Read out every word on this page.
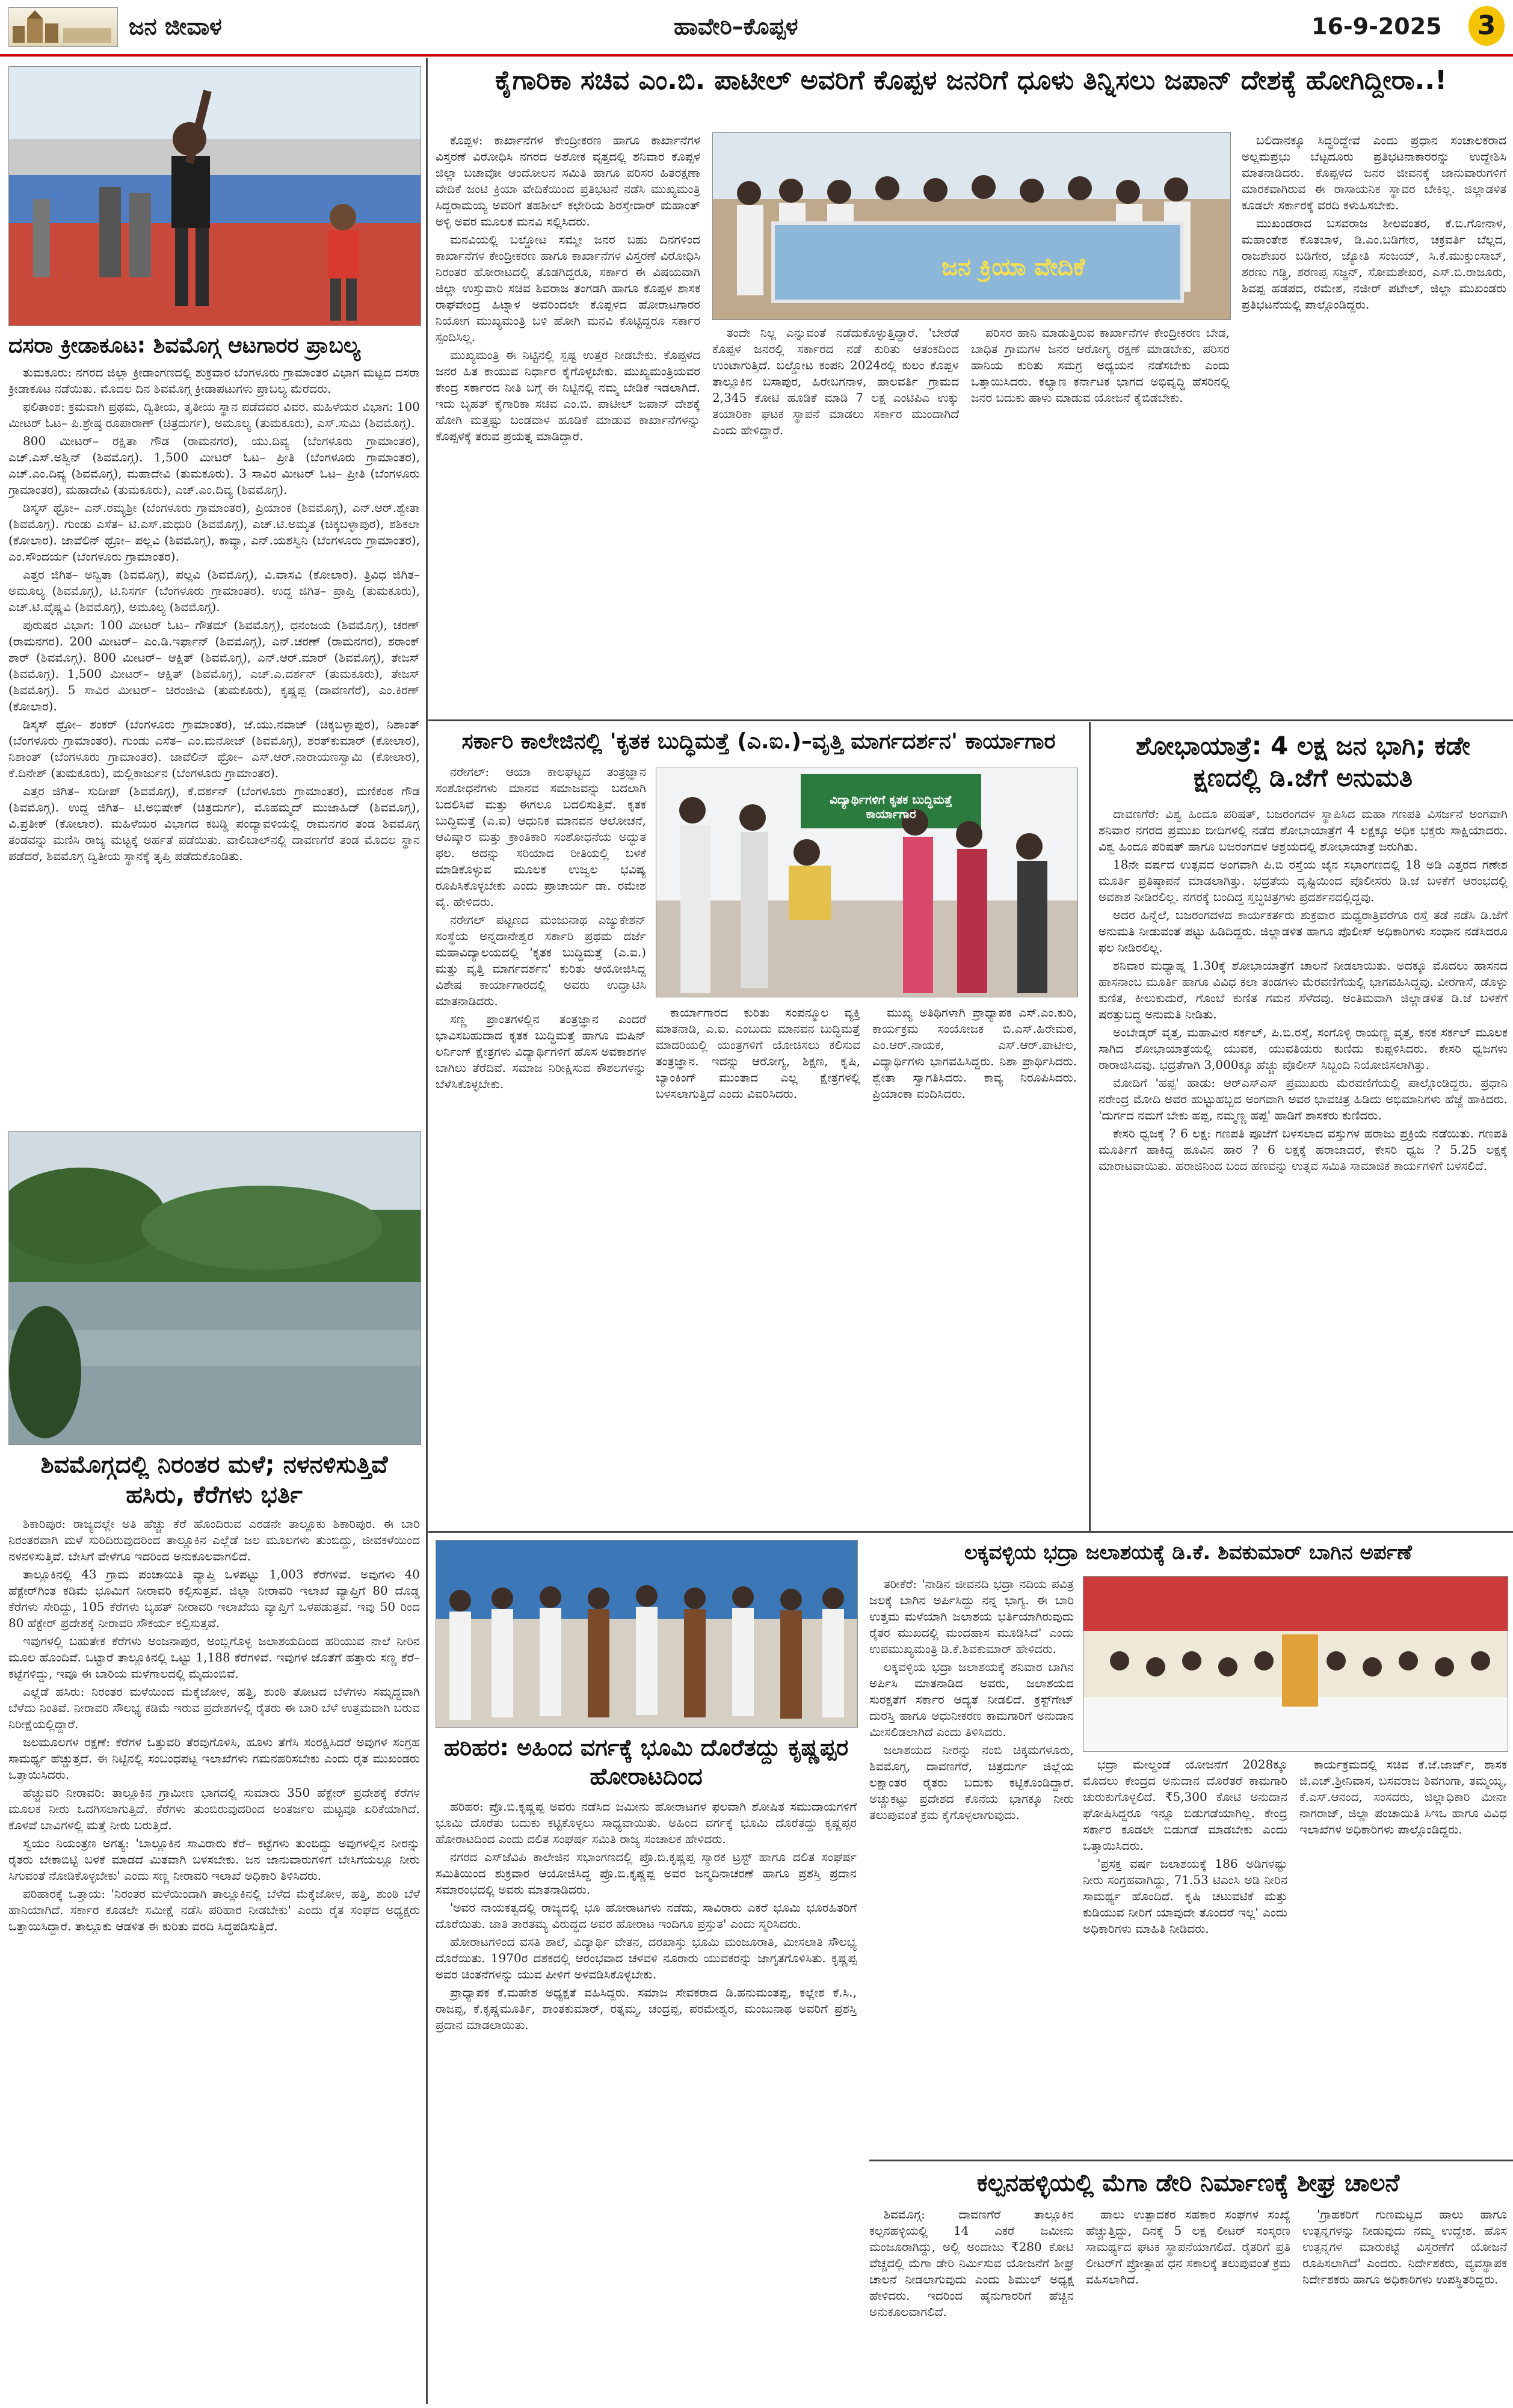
ಜನ ಜೀವಾಳ	ಹಾವೇರಿ–ಕೊಪ್ಪಳ	16-9-2025	3
ದಸರಾ ಕ್ರೀಡಾಕೂಟ: ಶಿವಮೊಗ್ಗ ಆಟಗಾರರ ಪ್ರಾಬಲ್ಯ

ತುಮಕೂರು: ನಗರದ ಜಿಲ್ಲಾ ಕ್ರೀಡಾಂಗಣದಲ್ಲಿ ಶುಕ್ರವಾರ ಬೆಂಗಳೂರು ಗ್ರಾಮಾಂತರ ವಿಭಾಗ ಮಟ್ಟದ ದಸರಾ ಕ್ರೀಡಾಕೂಟ ನಡೆಯಿತು. ಮೊದಲ ದಿನ ಶಿವಮೊಗ್ಗ ಕ್ರೀಡಾಪಟುಗಳು ಪ್ರಾಬಲ್ಯ ಮೆರೆದರು.

ಫಲಿತಾಂಶ: ಕ್ರಮವಾಗಿ ಪ್ರಥಮ, ದ್ವಿತೀಯ, ತೃತೀಯ ಸ್ಥಾನ ಪಡೆದವರ ವಿವರ. ಮಹಿಳೆಯರ ವಿಭಾಗ: 100 ಮೀಟರ್ ಓಟ– ಪಿ.ಶ್ರೇಷ್ಠ ರೂಪಾರಾಣ್ (ಚಿತ್ರದುರ್ಗ), ಅಮೂಲ್ಯ (ತುಮಕೂರು), ಎಸ್.ಸುಮಿ (ಶಿವಮೊಗ್ಗ).

800 ಮೀಟರ್– ರಕ್ಷಿತಾ ಗೌಡ (ರಾಮನಗರ), ಯು.ದಿವ್ಯ (ಬೆಂಗಳೂರು ಗ್ರಾಮಾಂತರ), ಎಚ್.ಎಸ್.ಅಶ್ವಿನ್ (ಶಿವಮೊಗ್ಗ). 1,500 ಮೀಟರ್ ಓಟ– ಪ್ರೀತಿ (ಬೆಂಗಳೂರು ಗ್ರಾಮಾಂತರ), ಎಚ್.ಎಂ.ದಿವ್ಯ (ಶಿವಮೊಗ್ಗ), ಮಹಾದೇವಿ (ತುಮಕೂರು). 3 ಸಾವಿರ ಮೀಟರ್ ಓಟ– ಪ್ರೀತಿ (ಬೆಂಗಳೂರು ಗ್ರಾಮಾಂತರ), ಮಹಾದೇವಿ (ತುಮಕೂರು), ಎಚ್.ಎಂ.ದಿವ್ಯ (ಶಿವಮೊಗ್ಗ).

ಡಿಸ್ಕಸ್ ಥ್ರೋ– ಎನ್.ರಮ್ಯಶ್ರೀ (ಬೆಂಗಳೂರು ಗ್ರಾಮಾಂತರ), ಪ್ರಿಯಾಂಕ (ಶಿವಮೊಗ್ಗ), ಎನ್.ಆರ್.ಶ್ವೇತಾ (ಶಿವಮೊಗ್ಗ). ಗುಂಡು ಎಸೆತ– ಟಿ.ಎಸ್.ಮಧುರಿ (ಶಿವಮೊಗ್ಗ), ಎಚ್.ಟಿ.ಅಮೃತ (ಚಿಕ್ಕಬಳ್ಳಾಪುರ), ಶಶಿಕಲಾ (ಕೋಲಾರ). ಜಾವೆಲಿನ್ ಥ್ರೋ– ಪಲ್ಲವಿ (ಶಿವಮೊಗ್ಗ), ಕಾವ್ಯಾ, ಎನ್.ಯಶಸ್ವಿನಿ (ಬೆಂಗಳೂರು ಗ್ರಾಮಾಂತರ), ಎಂ.ಸೌಂದರ್ಯ (ಬೆಂಗಳೂರು ಗ್ರಾಮಾಂತರ).

ಎತ್ತರ ಜಿಗಿತ– ಅನ್ವಿತಾ (ಶಿವಮೊಗ್ಗ), ಪಲ್ಲವಿ (ಶಿವಮೊಗ್ಗ), ವಿ.ವಾಸವಿ (ಕೋಲಾರ). ತ್ರಿವಿಧ ಜಿಗಿತ– ಅಮೂಲ್ಯ (ಶಿವಮೊಗ್ಗ), ಟಿ.ನಿಸರ್ಗ (ಬೆಂಗಳೂರು ಗ್ರಾಮಾಂತರ). ಉದ್ದ ಜಿಗಿತ– ಪ್ರಾಪ್ತಿ (ತುಮಕೂರು), ಎಚ್.ಟಿ.ವೈಷ್ಣವಿ (ಶಿವಮೊಗ್ಗ), ಅಮೂಲ್ಯ (ಶಿವಮೊಗ್ಗ).

ಪುರುಷರ ವಿಭಾಗ: 100 ಮೀಟರ್ ಓಟ– ಗೌತಮ್ (ಶಿವಮೊಗ್ಗ), ಧನಂಜಯ (ಶಿವಮೊಗ್ಗ), ಚರಣ್ (ರಾಮನಗರ). 200 ಮೀಟರ್– ಎಂ.ಡಿ.ಇರ್ಫಾನ್ (ಶಿವಮೊಗ್ಗ), ಎನ್.ಚರಣ್ (ರಾಮನಗರ), ಶರಾಂಕ್ ಶಾರ್ (ಶಿವಮೊಗ್ಗ). 800 ಮೀಟರ್– ಆಕ್ಷಿತ್ (ಶಿವಮೊಗ್ಗ), ಎನ್.ಆರ್.ಮಾರ್ (ಶಿವಮೊಗ್ಗ), ತೇಜಸ್ (ಶಿವಮೊಗ್ಗ). 1,500 ಮೀಟರ್– ಆಕ್ಷಿತ್ (ಶಿವಮೊಗ್ಗ), ಎಚ್.ಎ.ದರ್ಶನ್ (ತುಮಕೂರು), ತೇಜಸ್ (ಶಿವಮೊಗ್ಗ). 5 ಸಾವಿರ ಮೀಟರ್– ಚಿರಂಜೀವಿ (ತುಮಕೂರು), ಕೃಷ್ಣಪ್ಪ (ದಾವಣಗೆರೆ), ಎಂ.ಕಿರಣ್ (ಕೋಲಾರ).

ಡಿಸ್ಕಸ್ ಥ್ರೋ– ಶಂಕರ್ (ಬೆಂಗಳೂರು ಗ್ರಾಮಾಂತರ), ಜೆ.ಯು.ನವಾಜ್ (ಚಿಕ್ಕಬಳ್ಳಾಪುರ), ನಿಶಾಂತ್ (ಬೆಂಗಳೂರು ಗ್ರಾಮಾಂತರ). ಗುಂಡು ಎಸೆತ– ಎಂ.ಮನೋಜ್ (ಶಿವಮೊಗ್ಗ), ಶರತ್‌ಕುಮಾರ್ (ಕೋಲಾರ), ನಿಶಾಂತ್ (ಬೆಂಗಳೂರು ಗ್ರಾಮಾಂತರ). ಜಾವೆಲಿನ್ ಥ್ರೋ– ಎಸ್.ಆರ್.ನಾರಾಯಣಸ್ವಾಮಿ (ಕೋಲಾರ), ಕೆ.ದಿನೇಶ್ (ತುಮಕೂರು), ಮಲ್ಲಿಕಾರ್ಜುನ (ಬೆಂಗಳೂರು ಗ್ರಾಮಾಂತರ).

ಎತ್ತರ ಜಿಗಿತ– ಸುದೀಪ್ (ಶಿವಮೊಗ್ಗ), ಕೆ.ದರ್ಶನ್ (ಬೆಂಗಳೂರು ಗ್ರಾಮಾಂತರ), ಮಣಿಕಂಠ ಗೌಡ (ಶಿವಮೊಗ್ಗ). ಉದ್ದ ಜಿಗಿತ– ಟಿ.ಅಭಿಷೇಕ್ (ಚಿತ್ರದುರ್ಗ), ಮೊಹಮ್ಮದ್ ಮುಜಾಹಿದ್ (ಶಿವಮೊಗ್ಗ), ವಿ.ಪ್ರತೀಕ್ (ಕೋಲಾರ). ಮಹಿಳೆಯರ ವಿಭಾಗದ ಕಬಡ್ಡಿ ಪಂದ್ಯಾವಳಿಯಲ್ಲಿ ರಾಮನಗರ ತಂಡ ಶಿವಮೊಗ್ಗ ತಂಡವನ್ನು ಮಣಿಸಿ ರಾಜ್ಯ ಮಟ್ಟಕ್ಕೆ ಅರ್ಹತೆ ಪಡೆಯಿತು. ವಾಲಿಬಾಲ್‌ನಲ್ಲಿ ದಾವಣಗೆರೆ ತಂಡ ಮೊದಲ ಸ್ಥಾನ ಪಡೆದರೆ, ಶಿವಮೊಗ್ಗ ದ್ವಿತೀಯ ಸ್ಥಾನಕ್ಕೆ ತೃಪ್ತಿ ಪಡೆದುಕೊಂಡಿತು.

ಶಿವಮೊಗ್ಗದಲ್ಲಿ ನಿರಂತರ ಮಳೆ; ನಳನಳಿಸುತ್ತಿವೆ ಹಸಿರು, ಕೆರೆಗಳು ಭರ್ತಿ

ಶಿಕಾರಿಪುರ: ರಾಜ್ಯದಲ್ಲೇ ಅತಿ ಹೆಚ್ಚು ಕೆರೆ ಹೊಂದಿರುವ ಎರಡನೇ ತಾಲ್ಲೂಕು ಶಿಕಾರಿಪುರ. ಈ ಬಾರಿ ನಿರಂತರವಾಗಿ ಮಳೆ ಸುರಿದಿರುವುದರಿಂದ ತಾಲ್ಲೂಕಿನ ಎಲ್ಲೆಡೆ ಜಲ ಮೂಲಗಳು ತುಂಬಿದ್ದು, ಜೀವಕಳೆಯಿಂದ ನಳನಳಿಸುತ್ತಿವೆ. ಬೇಸಿಗೆ ವೇಳೆಗೂ ಇದರಿಂದ ಅನುಕೂಲವಾಗಲಿದೆ.

ತಾಲ್ಲೂಕಿನಲ್ಲಿ 43 ಗ್ರಾಮ ಪಂಚಾಯಿತಿ ವ್ಯಾಪ್ತಿ ಒಳಪಟ್ಟು 1,003 ಕೆರೆಗಳಿವೆ. ಅವುಗಳು 40 ಹೆಕ್ಟೇರ್‌ಗಿಂತ ಕಡಿಮೆ ಭೂಮಿಗೆ ನೀರಾವರಿ ಕಲ್ಪಿಸುತ್ತವೆ. ಜಿಲ್ಲಾ ನೀರಾವರಿ ಇಲಾಖೆ ವ್ಯಾಪ್ತಿಗೆ 80 ದೊಡ್ಡ ಕೆರೆಗಳು ಸೇರಿದ್ದು, 105 ಕೆರೆಗಳು ಬೃಹತ್ ನೀರಾವರಿ ಇಲಾಖೆಯ ವ್ಯಾಪ್ತಿಗೆ ಒಳಪಡುತ್ತವೆ. ಇವು 50 ರಿಂದ 80 ಹೆಕ್ಟೇರ್ ಪ್ರದೇಶಕ್ಕೆ ನೀರಾವರಿ ಸೌಕರ್ಯ ಕಲ್ಪಿಸುತ್ತವೆ.

ಇವುಗಳಲ್ಲಿ ಬಹುತೇಕ ಕೆರೆಗಳು ಅಂಜನಾಪುರ, ಅಂಬ್ಲಿಗೊಳ್ಳ ಜಲಾಶಯದಿಂದ ಹರಿಯುವ ನಾಲೆ ನೀರಿನ ಮೂಲ ಹೊಂದಿವೆ. ಒಟ್ಟಾರೆ ತಾಲ್ಲೂಕಿನಲ್ಲಿ ಒಟ್ಟು 1,188 ಕೆರೆಗಳಿವೆ. ಇವುಗಳ ಜೊತೆಗೆ ಹತ್ತಾರು ಸಣ್ಣ ಕೆರೆ– ಕಟ್ಟೆಗಳಿದ್ದು, ಇವೂ ಈ ಬಾರಿಯ ಮಳೆಗಾಲದಲ್ಲಿ ಮೈದುಂಬಿವೆ.

ಎಲ್ಲೆಡೆ ಹಸಿರು: ನಿರಂತರ ಮಳೆಯಿಂದ ಮೆಕ್ಕೆಜೋಳ, ಹತ್ತಿ, ಶುಂಠಿ ತೋಟದ ಬೆಳೆಗಳು ಸಮೃದ್ಧವಾಗಿ ಬೆಳೆದು ನಿಂತಿವೆ. ನೀರಾವರಿ ಸೌಲಭ್ಯ ಕಡಿಮೆ ಇರುವ ಪ್ರದೇಶಗಳಲ್ಲಿ ರೈತರು ಈ ಬಾರಿ ಬೆಳೆ ಉತ್ತಮವಾಗಿ ಬರುವ ನಿರೀಕ್ಷೆಯಲ್ಲಿದ್ದಾರೆ.

ಜಲಮೂಲಗಳ ರಕ್ಷಣೆ: ಕೆರೆಗಳ ಒತ್ತುವರಿ ತೆರವುಗೊಳಿಸಿ, ಹೂಳು ತೆಗೆಸಿ ಸಂರಕ್ಷಿಸಿದರೆ ಅವುಗಳ ಸಂಗ್ರಹ ಸಾಮರ್ಥ್ಯ ಹೆಚ್ಚುತ್ತದೆ. ಈ ನಿಟ್ಟಿನಲ್ಲಿ ಸಂಬಂಧಪಟ್ಟ ಇಲಾಖೆಗಳು ಗಮನಹರಿಸಬೇಕು ಎಂದು ರೈತ ಮುಖಂಡರು ಒತ್ತಾಯಿಸಿದರು.

ಹೆಚ್ಚುವರಿ ನೀರಾವರಿ: ತಾಲ್ಲೂಕಿನ ಗ್ರಾಮೀಣ ಭಾಗದಲ್ಲಿ ಸುಮಾರು 350 ಹೆಕ್ಟೇರ್ ಪ್ರದೇಶಕ್ಕೆ ಕೆರೆಗಳ ಮೂಲಕ ನೀರು ಒದಗಿಸಲಾಗುತ್ತಿದೆ. ಕೆರೆಗಳು ತುಂಬಿರುವುದರಿಂದ ಅಂತರ್ಜಲ ಮಟ್ಟವೂ ಏರಿಕೆಯಾಗಿದೆ. ಕೊಳವೆ ಬಾವಿಗಳಲ್ಲಿ ಮತ್ತೆ ನೀರು ಬರುತ್ತಿದೆ.

ಸ್ವಯಂ ನಿಯಂತ್ರಣ ಅಗತ್ಯ: 'ಬಾಲ್ಲೂಕಿನ ಸಾವಿರಾರು ಕೆರೆ– ಕಟ್ಟೆಗಳು ತುಂಬಿದ್ದು ಅವುಗಳಲ್ಲಿನ ನೀರನ್ನು ರೈತರು ಬೇಕಾಬಿಟ್ಟಿ ಬಳಕೆ ಮಾಡದೆ ಮಿತವಾಗಿ ಬಳಸಬೇಕು. ಜನ ಜಾನುವಾರುಗಳಿಗೆ ಬೇಸಿಗೆಯಲ್ಲೂ ನೀರು ಸಿಗುವಂತೆ ನೋಡಿಕೊಳ್ಳಬೇಕು' ಎಂದು ಸಣ್ಣ ನೀರಾವರಿ ಇಲಾಖೆ ಅಧಿಕಾರಿ ತಿಳಿಸಿದರು.

ಪರಿಹಾರಕ್ಕೆ ಒತ್ತಾಯ: 'ನಿರಂತರ ಮಳೆಯಿಂದಾಗಿ ತಾಲ್ಲೂಕಿನಲ್ಲಿ ಬೆಳೆದ ಮೆಕ್ಕೆಜೋಳ, ಹತ್ತಿ, ಶುಂಠಿ ಬೆಳೆ ಹಾನಿಯಾಗಿದೆ. ಸರ್ಕಾರ ಕೂಡಲೇ ಸಮೀಕ್ಷೆ ನಡೆಸಿ ಪರಿಹಾರ ನೀಡಬೇಕು' ಎಂದು ರೈತ ಸಂಘದ ಅಧ್ಯಕ್ಷರು ಒತ್ತಾಯಿಸಿದ್ದಾರೆ. ತಾಲ್ಲೂಕು ಆಡಳಿತ ಈ ಕುರಿತು ವರದಿ ಸಿದ್ಧಪಡಿಸುತ್ತಿದೆ.

ಕೈಗಾರಿಕಾ ಸಚಿವ ಎಂ.ಬಿ. ಪಾಟೀಲ್ ಅವರಿಗೆ ಕೊಪ್ಪಳ ಜನರಿಗೆ ಧೂಳು ತಿನ್ನಿಸಲು ಜಪಾನ್ ದೇಶಕ್ಕೆ ಹೋಗಿದ್ದೀರಾ..!

ಕೊಪ್ಪಳ: ಕಾರ್ಖಾನೆಗಳ ಕೇಂದ್ರೀಕರಣ ಹಾಗೂ ಕಾರ್ಖಾನೆಗಳ ವಿಸ್ತರಣೆ ವಿರೋಧಿಸಿ ನಗರದ ಅಶೋಕ ವೃತ್ತದಲ್ಲಿ ಶನಿವಾರ ಕೊಪ್ಪಳ ಜಿಲ್ಲಾ ಬಚಾವೋ ಆಂದೋಲನ ಸಮಿತಿ ಹಾಗೂ ಪರಿಸರ ಹಿತರಕ್ಷಣಾ ವೇದಿಕೆ ಜಂಟಿ ಕ್ರಿಯಾ ವೇದಿಕೆಯಿಂದ ಪ್ರತಿಭಟನೆ ನಡೆಸಿ ಮುಖ್ಯಮಂತ್ರಿ ಸಿದ್ದರಾಮಯ್ಯ ಅವರಿಗೆ ತಹಶೀಲ್ ಕಛೇರಿಯ ಶಿರಸ್ತೇದಾರ್ ಮಹಾಂತ್ ಅಳ್ಳಿ ಅವರ ಮೂಲಕ ಮನವಿ ಸಲ್ಲಿಸಿದರು.

ಮನವಿಯಲ್ಲಿ ಬಲ್ಡೋಟ ಸಮ್ಮೇ ಜನರ ಬಹು ದಿನಗಳಿಂದ ಕಾರ್ಖಾನೆಗಳ ಕೇಂದ್ರೀಕರಣ ಹಾಗೂ ಕಾರ್ಖಾನೆಗಳ ವಿಸ್ತರಣೆ ವಿರೋಧಿಸಿ ನಿರಂತರ ಹೋರಾಟದಲ್ಲಿ ತೊಡಗಿದ್ದರೂ, ಸರ್ಕಾರ ಈ ವಿಷಯವಾಗಿ ಜಿಲ್ಲಾ ಉಸ್ತುವಾರಿ ಸಚಿವ ಶಿವರಾಜ ತಂಗಡಗಿ ಹಾಗೂ ಕೊಪ್ಪಳ ಶಾಸಕ ರಾಘವೇಂದ್ರ ಹಿಟ್ನಾಳ ಅವರಿಂದಲೇ ಕೊಪ್ಪಳದ ಹೋರಾಟಗಾರರ ನಿಯೋಗ ಮುಖ್ಯಮಂತ್ರಿ ಬಳಿ ಹೋಗಿ ಮನವಿ ಕೊಟ್ಟಿದ್ದರೂ ಸರ್ಕಾರ ಸ್ಪಂದಿಸಿಲ್ಲ.

ಮುಖ್ಯಮಂತ್ರಿ ಈ ನಿಟ್ಟಿನಲ್ಲಿ ಸ್ಪಷ್ಟ ಉತ್ತರ ನೀಡಬೇಕು. ಕೊಪ್ಪಳದ ಜನರ ಹಿತ ಕಾಯುವ ನಿರ್ಧಾರ ಕೈಗೊಳ್ಳಬೇಕು. ಮುಖ್ಯಮಂತ್ರಿಯವರ ಕೇಂದ್ರ ಸರ್ಕಾರದ ನೀತಿ ಬಗ್ಗೆ ಈ ನಿಟ್ಟಿನಲ್ಲಿ ನಮ್ಮ ಬೇಡಿಕೆ ಇಡಲಾಗಿದೆ. ಇದು ಬೃಹತ್ ಕೈಗಾರಿಕಾ ಸಚಿವ ಎಂ.ಬಿ. ಪಾಟೀಲ್ ಜಪಾನ್ ದೇಶಕ್ಕೆ ಹೋಗಿ ಮತ್ತಷ್ಟು ಬಂಡವಾಳ ಹೂಡಿಕೆ ಮಾಡುವ ಕಾರ್ಖಾನೆಗಳನ್ನು ಕೊಪ್ಪಳಕ್ಕೆ ತರುವ ಪ್ರಯತ್ನ ಮಾಡಿದ್ದಾರೆ.

ಜನ ಕ್ರಿಯಾ ವೇದಿಕೆ

ತಂದೇ ನಿಲ್ಲ ಎನ್ನುವಂತೆ ನಡೆದುಕೊಳ್ಳುತ್ತಿದ್ದಾರೆ. 'ಬೇರೆಡೆ ಕೊಪ್ಪಳ ಜನರಲ್ಲಿ ಸರ್ಕಾರದ ನಡೆ ಕುರಿತು ಆತಂಕದಿಂದ ಉಂಟಾಗುತ್ತಿದೆ. ಬಲ್ಡೋಟ ಕಂಪನಿ 2024ರಲ್ಲಿ ಕುಲಂ ಕೊಪ್ಪಳ ತಾಲ್ಲೂಕಿನ ಬಸಾಪುರ, ಹಿರೇಬಗನಾಳ, ಹಾಲವರ್ತಿ ಗ್ರಾಮದ 2,345 ಕೋಟಿ ಹೂಡಿಕೆ ಮಾಡಿ 7 ಲಕ್ಷ ಎಂಟಿಪಿಎ ಉಕ್ಕು ತಯಾರಿಕಾ ಘಟಕ ಸ್ಥಾಪನೆ ಮಾಡಲು ಸರ್ಕಾರ ಮುಂದಾಗಿದೆ ಎಂದು ಹೇಳಿದ್ದಾರೆ.

ಪರಿಸರ ಹಾನಿ ಮಾಡುತ್ತಿರುವ ಕಾರ್ಖಾನೆಗಳ ಕೇಂದ್ರೀಕರಣ ಬೇಡ, ಬಾಧಿತ ಗ್ರಾಮಗಳ ಜನರ ಆರೋಗ್ಯ ರಕ್ಷಣೆ ಮಾಡಬೇಕು, ಪರಿಸರ ಹಾನಿಯ ಕುರಿತು ಸಮಗ್ರ ಅಧ್ಯಯನ ನಡೆಸಬೇಕು ಎಂದು ಒತ್ತಾಯಿಸಿದರು. ಕಲ್ಯಾಣ ಕರ್ನಾಟಕ ಭಾಗದ ಅಭಿವೃದ್ಧಿ ಹೆಸರಿನಲ್ಲಿ ಜನರ ಬದುಕು ಹಾಳು ಮಾಡುವ ಯೋಜನೆ ಕೈಬಿಡಬೇಕು.

ಬಲಿದಾನಕ್ಕೂ ಸಿದ್ಧರಿದ್ದೇವೆ ಎಂದು ಪ್ರಧಾನ ಸಂಚಾಲಕರಾದ ಅಲ್ಲಮಪ್ರಭು ಬೆಟ್ಟದೂರು ಪ್ರತಿಭಟನಾಕಾರರನ್ನು ಉದ್ದೇಶಿಸಿ ಮಾತನಾಡಿದರು. ಕೊಪ್ಪಳದ ಜನರ ಜೀವನಕ್ಕೆ ಜಾನುವಾರುಗಳಿಗೆ ಮಾರಕವಾಗಿರುವ ಈ ರಾಸಾಯನಿಕ ಸ್ಥಾವರ ಬೇಕಿಲ್ಲ. ಜಿಲ್ಲಾಡಳಿತ ಕೂಡಲೇ ಸರ್ಕಾರಕ್ಕೆ ವರದಿ ಕಳುಹಿಸಬೇಕು.

ಮುಖಂಡರಾದ ಬಸವರಾಜ ಶೀಲವಂತರ, ಕೆ.ಬಿ.ಗೋನಾಳ, ಮಹಾಂತೇಶ ಕೊತಬಾಳ, ಡಿ.ಎಂ.ಬಡಿಗೇರ, ಚಕ್ರವರ್ತಿ ಬೆಲ್ಲದ, ರಾಜಶೇಖರ ಬಡಿಗೇರ, ಜ್ಯೋತಿ ಸಂಜಯ್, ಸಿ.ಕೆ.ಮುಕ್ತುಂಸಾಬ್, ಶರಣು ಗಡ್ಡಿ, ಶರಣಪ್ಪ ಸಜ್ಜನ್, ಸೋಮಶೇಖರ, ಎಸ್.ಬಿ.ರಾಜೂರು, ಶಿವಪ್ಪ ಹಡಪದ, ರಮೇಶ, ನಜೀರ್ ಪಟೇಲ್, ಜಿಲ್ಲಾ ಮುಖಂಡರು ಪ್ರತಿಭಟನೆಯಲ್ಲಿ ಪಾಲ್ಗೊಂಡಿದ್ದರು.

ಸರ್ಕಾರಿ ಕಾಲೇಜಿನಲ್ಲಿ 'ಕೃತಕ ಬುದ್ಧಿಮತ್ತೆ (ಎ.ಐ.)–ವೃತ್ತಿ ಮಾರ್ಗದರ್ಶನ' ಕಾರ್ಯಾಗಾರ

ನರೇಗಲ್: ಆಯಾ ಕಾಲಘಟ್ಟದ ತಂತ್ರಜ್ಞಾನ ಸಂಶೋಧನೆಗಳು ಮಾನವ ಸಮಾಜವನ್ನು ಬದಲಾಗಿ ಬದಲಿಸಿವೆ ಮತ್ತು ಈಗಲೂ ಬದಲಿಸುತ್ತಿವೆ. ಕೃತಕ ಬುದ್ಧಿಮತ್ತೆ (ಎ.ಐ) ಆಧುನಿಕ ಮಾನವನ ಆಲೋಚನೆ, ಆವಿಷ್ಕಾರ ಮತ್ತು ಕ್ರಾಂತಿಕಾರಿ ಸಂಶೋಧನೆಯ ಅದ್ಭುತ ಫಲ. ಅದನ್ನು ಸರಿಯಾದ ರೀತಿಯಲ್ಲಿ ಬಳಕೆ ಮಾಡಿಕೊಳ್ಳುವ ಮೂಲಕ ಉಜ್ವಲ ಭವಿಷ್ಯ ರೂಪಿಸಿಕೊಳ್ಳಬೇಕು ಎಂದು ಪ್ರಾಚಾರ್ಯ ಡಾ. ರಮೇಶ ವೈ. ಹೇಳಿದರು.

ನರೇಗಲ್ ಪಟ್ಟಣದ ಮಂಜುನಾಥ ಎಜ್ಯುಕೇಶನ್ ಸಂಸ್ಥೆಯ ಅನ್ನದಾನೇಶ್ವರ ಸರ್ಕಾರಿ ಪ್ರಥಮ ದರ್ಜೆ ಮಹಾವಿದ್ಯಾಲಯದಲ್ಲಿ 'ಕೃತಕ ಬುದ್ಧಿಮತ್ತೆ (ಎ.ಐ.) ಮತ್ತು ವೃತ್ತಿ ಮಾರ್ಗದರ್ಶನ' ಕುರಿತು ಆಯೋಜಿಸಿದ್ದ ವಿಶೇಷ ಕಾರ್ಯಾಗಾರದಲ್ಲಿ ಅವರು ಉದ್ಘಾಟಿಸಿ ಮಾತನಾಡಿದರು.

ಸಣ್ಣ ಪ್ರಾಂತಗಳಲ್ಲಿನ ತಂತ್ರಜ್ಞಾನ ಎಂದರೆ ಭಾವಿಸಬಹುದಾದ ಕೃತಕ ಬುದ್ಧಿಮತ್ತೆ ಹಾಗೂ ಮಷಿನ್ ಲರ್ನಿಂಗ್ ಕ್ಷೇತ್ರಗಳು ವಿದ್ಯಾರ್ಥಿಗಳಿಗೆ ಹೊಸ ಅವಕಾಶಗಳ ಬಾಗಿಲು ತೆರೆದಿವೆ. ಸಮಾಜ ನಿರೀಕ್ಷಿಸುವ ಕೌಶಲಗಳನ್ನು ಬೆಳೆಸಿಕೊಳ್ಳಬೇಕು.

ವಿದ್ಯಾರ್ಥಿಗಳಿಗೆ ಕೃತಕ ಬುದ್ಧಿಮತ್ತೆ ಕಾರ್ಯಾಗಾರ

ಕಾರ್ಯಾಗಾರದ ಕುರಿತು ಸಂಪನ್ಮೂಲ ವ್ಯಕ್ತಿ ಮಾತನಾಡಿ, ಎ.ಐ. ಎಂಬುದು ಮಾನವನ ಬುದ್ಧಿಮತ್ತೆ ಮಾದರಿಯಲ್ಲಿ ಯಂತ್ರಗಳಿಗೆ ಯೋಚಿಸಲು ಕಲಿಸುವ ತಂತ್ರಜ್ಞಾನ. ಇದನ್ನು ಆರೋಗ್ಯ, ಶಿಕ್ಷಣ, ಕೃಷಿ, ಬ್ಯಾಂಕಿಂಗ್ ಮುಂತಾದ ಎಲ್ಲ ಕ್ಷೇತ್ರಗಳಲ್ಲಿ ಬಳಸಲಾಗುತ್ತಿದೆ ಎಂದು ವಿವರಿಸಿದರು.

ಮುಖ್ಯ ಅತಿಥಿಗಳಾಗಿ ಪ್ರಾಧ್ಯಾಪಕ ಎಸ್.ಎಂ.ಕುರಿ, ಕಾರ್ಯಕ್ರಮ ಸಂಯೋಜಕ ಬಿ.ಎಸ್.ಹಿರೇಮಠ, ಎಂ.ಆರ್.ನಾಯಕ, ಎಸ್.ಆರ್.ಪಾಟೀಲ, ವಿದ್ಯಾರ್ಥಿಗಳು ಭಾಗವಹಿಸಿದ್ದರು. ನಿಶಾ ಪ್ರಾರ್ಥಿಸಿದರು. ಶ್ವೇತಾ ಸ್ವಾಗತಿಸಿದರು. ಕಾವ್ಯ ನಿರೂಪಿಸಿದರು. ಪ್ರಿಯಾಂಕಾ ವಂದಿಸಿದರು.

ಶೋಭಾಯಾತ್ರೆ: 4 ಲಕ್ಷ ಜನ ಭಾಗಿ; ಕಡೇ ಕ್ಷಣದಲ್ಲಿ ಡಿ.ಜೆಗೆ ಅನುಮತಿ

ದಾವಣಗೆರೆ: ವಿಶ್ವ ಹಿಂದೂ ಪರಿಷತ್, ಬಜರಂಗದಳ ಸ್ಥಾಪಿಸಿದ ಮಹಾ ಗಣಪತಿ ವಿಸರ್ಜನೆ ಅಂಗವಾಗಿ ಶನಿವಾರ ನಗರದ ಪ್ರಮುಖ ಬೀದಿಗಳಲ್ಲಿ ನಡೆದ ಶೋಭಾಯಾತ್ರೆಗೆ 4 ಲಕ್ಷಕ್ಕೂ ಅಧಿಕ ಭಕ್ತರು ಸಾಕ್ಷಿಯಾದರು. ವಿಶ್ವ ಹಿಂದೂ ಪರಿಷತ್ ಹಾಗೂ ಬಜರಂಗದಳ ಆಶ್ರಯದಲ್ಲಿ ಶೋಭಾಯಾತ್ರೆ ಜರುಗಿತು.

18ನೇ ವರ್ಷದ ಉತ್ಸವದ ಅಂಗವಾಗಿ ಪಿ.ಬಿ ರಸ್ತೆಯ ಜೈನ ಸಭಾಂಗಣದಲ್ಲಿ 18 ಅಡಿ ಎತ್ತರದ ಗಣೇಶ ಮೂರ್ತಿ ಪ್ರತಿಷ್ಠಾಪನೆ ಮಾಡಲಾಗಿತ್ತು. ಭದ್ರತೆಯ ದೃಷ್ಟಿಯಿಂದ ಪೊಲೀಸರು ಡಿ.ಜೆ ಬಳಕೆಗೆ ಆರಂಭದಲ್ಲಿ ಅವಕಾಶ ನೀಡಿರಲಿಲ್ಲ. ನಗರಕ್ಕೆ ಬಂದಿದ್ದ ಸ್ತಬ್ಧಚಿತ್ರಗಳು ಪ್ರದರ್ಶನದಲ್ಲಿದ್ದವು.

ಅದರ ಹಿನ್ನೆಲೆ, ಬಜರಂಗದಳದ ಕಾರ್ಯಕರ್ತರು ಶುಕ್ರವಾರ ಮಧ್ಯರಾತ್ರಿವರೆಗೂ ರಸ್ತೆ ತಡೆ ನಡೆಸಿ ಡಿ.ಜೆಗೆ ಅನುಮತಿ ನೀಡುವಂತೆ ಪಟ್ಟು ಹಿಡಿದಿದ್ದರು. ಜಿಲ್ಲಾಡಳಿತ ಹಾಗೂ ಪೊಲೀಸ್ ಅಧಿಕಾರಿಗಳು ಸಂಧಾನ ನಡೆಸಿದರೂ ಫಲ ನೀಡಿರಲಿಲ್ಲ.

ಶನಿವಾರ ಮಧ್ಯಾಹ್ನ 1.30ಕ್ಕೆ ಶೋಭಾಯಾತ್ರೆಗೆ ಚಾಲನೆ ನೀಡಲಾಯಿತು. ಅದಕ್ಕೂ ಮೊದಲು ಹಾಸನದ ಹಾಸನಾಂಬ ಮೂರ್ತಿ ಹಾಗೂ ವಿವಿಧ ಕಲಾ ತಂಡಗಳು ಮೆರವಣಿಗೆಯಲ್ಲಿ ಭಾಗವಹಿಸಿದ್ದವು. ವೀರಗಾಸೆ, ಡೊಳ್ಳು ಕುಣಿತ, ಕೀಲುಕುದುರೆ, ಗೊಂಬೆ ಕುಣಿತ ಗಮನ ಸೆಳೆದವು. ಅಂತಿಮವಾಗಿ ಜಿಲ್ಲಾಡಳಿತ ಡಿ.ಜೆ ಬಳಕೆಗೆ ಷರತ್ತುಬದ್ಧ ಅನುಮತಿ ನೀಡಿತು.

ಅಂಬೇಡ್ಕರ್ ವೃತ್ತ, ಮಹಾವೀರ ಸರ್ಕಲ್, ಪಿ.ಬಿ.ರಸ್ತೆ, ಸಂಗೊಳ್ಳಿ ರಾಯಣ್ಣ ವೃತ್ತ, ಕನಕ ಸರ್ಕಲ್ ಮೂಲಕ ಸಾಗಿದ ಶೋಭಾಯಾತ್ರೆಯಲ್ಲಿ ಯುವಕ, ಯುವತಿಯರು ಕುಣಿದು ಕುಪ್ಪಳಿಸಿದರು. ಕೇಸರಿ ಧ್ವಜಗಳು ರಾರಾಜಿಸಿದವು. ಭದ್ರತೆಗಾಗಿ 3,000ಕ್ಕೂ ಹೆಚ್ಚು ಪೊಲೀಸ್ ಸಿಬ್ಬಂದಿ ನಿಯೋಜಿಸಲಾಗಿತ್ತು.

ಮೋದಿಗೆ 'ಹಪ್ಪ' ಹಾಡು: ಆರ್‌ಎಸ್‌ಎಸ್ ಪ್ರಮುಖರು ಮೆರವಣಿಗೆಯಲ್ಲಿ ಪಾಲ್ಗೊಂಡಿದ್ದರು. ಪ್ರಧಾನಿ ನರೇಂದ್ರ ಮೋದಿ ಅವರ ಹುಟ್ಟುಹಬ್ಬದ ಅಂಗವಾಗಿ ಅವರ ಭಾವಚಿತ್ರ ಹಿಡಿದು ಅಭಿಮಾನಿಗಳು ಹೆಜ್ಜೆ ಹಾಕಿದರು. 'ದುರ್ಗದ ನಮಗೆ ಬೇಕು ಹಪ್ಪ, ನಮ್ಮಣ್ಣ ಹಪ್ಪ' ಹಾಡಿಗೆ ಶಾಸಕರು ಕುಣಿದರು.

ಕೇಸರಿ ಧ್ವಜಕ್ಕೆ ? 6 ಲಕ್ಷ: ಗಣಪತಿ ಪೂಜೆಗೆ ಬಳಸಲಾದ ವಸ್ತುಗಳ ಹರಾಜು ಪ್ರಕ್ರಿಯೆ ನಡೆಯಿತು. ಗಣಪತಿ ಮೂರ್ತಿಗೆ ಹಾಕಿದ್ದ ಹೂವಿನ ಹಾರ ? 6 ಲಕ್ಷಕ್ಕೆ ಹರಾಜಾದರೆ, ಕೇಸರಿ ಧ್ವಜ ? 5.25 ಲಕ್ಷಕ್ಕೆ ಮಾರಾಟವಾಯಿತು. ಹರಾಜಿನಿಂದ ಬಂದ ಹಣವನ್ನು ಉತ್ಸವ ಸಮಿತಿ ಸಾಮಾಜಿಕ ಕಾರ್ಯಗಳಿಗೆ ಬಳಸಲಿದೆ.

ಹರಿಹರ: ಅಹಿಂದ ವರ್ಗಕ್ಕೆ ಭೂಮಿ ದೊರೆತದ್ದು ಕೃಷ್ಣಪ್ಪರ ಹೋರಾಟದಿಂದ

ಹರಿಹರ: ಪ್ರೊ.ಬಿ.ಕೃಷ್ಣಪ್ಪ ಅವರು ನಡೆಸಿದ ಜಮೀನು ಹೋರಾಟಗಳ ಫಲವಾಗಿ ಶೋಷಿತ ಸಮುದಾಯಗಳಿಗೆ ಭೂಮಿ ದೊರೆತು ಬದುಕು ಕಟ್ಟಿಕೊಳ್ಳಲು ಸಾಧ್ಯವಾಯಿತು. ಅಹಿಂದ ವರ್ಗಕ್ಕೆ ಭೂಮಿ ದೊರೆತದ್ದು ಕೃಷ್ಣಪ್ಪರ ಹೋರಾಟದಿಂದ ಎಂದು ದಲಿತ ಸಂಘರ್ಷ ಸಮಿತಿ ರಾಜ್ಯ ಸಂಚಾಲಕ ಹೇಳಿದರು.

ನಗರದ ಎಸ್‌ಜೆವಿಪಿ ಕಾಲೇಜಿನ ಸಭಾಂಗಣದಲ್ಲಿ ಪ್ರೊ.ಬಿ.ಕೃಷ್ಣಪ್ಪ ಸ್ಮಾರಕ ಟ್ರಸ್ಟ್ ಹಾಗೂ ದಲಿತ ಸಂಘರ್ಷ ಸಮಿತಿಯಿಂದ ಶುಕ್ರವಾರ ಆಯೋಜಿಸಿದ್ದ ಪ್ರೊ.ಬಿ.ಕೃಷ್ಣಪ್ಪ ಅವರ ಜನ್ಮದಿನಾಚರಣೆ ಹಾಗೂ ಪ್ರಶಸ್ತಿ ಪ್ರದಾನ ಸಮಾರಂಭದಲ್ಲಿ ಅವರು ಮಾತನಾಡಿದರು.

'ಅವರ ನಾಯಕತ್ವದಲ್ಲಿ ರಾಜ್ಯದಲ್ಲಿ ಭೂ ಹೋರಾಟಗಳು ನಡೆದು, ಸಾವಿರಾರು ಎಕರೆ ಭೂಮಿ ಭೂರಹಿತರಿಗೆ ದೊರೆಯಿತು. ಜಾತಿ ತಾರತಮ್ಯ ವಿರುದ್ಧದ ಅವರ ಹೋರಾಟ ಇಂದಿಗೂ ಪ್ರಸ್ತುತ' ಎಂದು ಸ್ಮರಿಸಿದರು.

ಹೋರಾಟಗಳಿಂದ ವಸತಿ ಶಾಲೆ, ವಿದ್ಯಾರ್ಥಿ ವೇತನ, ದರಖಾಸ್ತು ಭೂಮಿ ಮಂಜೂರಾತಿ, ಮೀಸಲಾತಿ ಸೌಲಭ್ಯ ದೊರೆಯಿತು. 1970ರ ದಶಕದಲ್ಲಿ ಆರಂಭವಾದ ಚಳವಳಿ ನೂರಾರು ಯುವಕರನ್ನು ಜಾಗೃತಗೊಳಿಸಿತು. ಕೃಷ್ಣಪ್ಪ ಅವರ ಚಿಂತನೆಗಳನ್ನು ಯುವ ಪೀಳಿಗೆ ಅಳವಡಿಸಿಕೊಳ್ಳಬೇಕು.

ಪ್ರಾಧ್ಯಾಪಕ ಕೆ.ಮಹೇಶ ಅಧ್ಯಕ್ಷತೆ ವಹಿಸಿದ್ದರು. ಸಮಾಜ ಸೇವಕರಾದ ಡಿ.ಹನುಮಂತಪ್ಪ, ಕಲ್ಲೇಶ ಕೆ.ಸಿ., ರಾಜಪ್ಪ, ಕೆ.ಕೃಷ್ಣಮೂರ್ತಿ, ಶಾಂತಕುಮಾರ್, ರತ್ನಮ್ಮ, ಚಂದ್ರಪ್ಪ, ಪರಮೇಶ್ವರ, ಮಂಜುನಾಥ ಅವರಿಗೆ ಪ್ರಶಸ್ತಿ ಪ್ರದಾನ ಮಾಡಲಾಯಿತು.

ಲಕ್ಕವಳ್ಳಿಯ ಭದ್ರಾ ಜಲಾಶಯಕ್ಕೆ ಡಿ.ಕೆ. ಶಿವಕುಮಾರ್ ಬಾಗಿನ ಅರ್ಪಣೆ

ತರೀಕೆರೆ: 'ನಾಡಿನ ಜೀವನದಿ ಭದ್ರಾ ನದಿಯ ಪವಿತ್ರ ಜಲಕ್ಕೆ ಬಾಗಿನ ಅರ್ಪಿಸಿದ್ದು ನನ್ನ ಭಾಗ್ಯ. ಈ ಬಾರಿ ಉತ್ತಮ ಮಳೆಯಾಗಿ ಜಲಾಶಯ ಭರ್ತಿಯಾಗಿರುವುದು ರೈತರ ಮುಖದಲ್ಲಿ ಮಂದಹಾಸ ಮೂಡಿಸಿದೆ' ಎಂದು ಉಪಮುಖ್ಯಮಂತ್ರಿ ಡಿ.ಕೆ.ಶಿವಕುಮಾರ್ ಹೇಳಿದರು.

ಲಕ್ಕವಳ್ಳಿಯ ಭದ್ರಾ ಜಲಾಶಯಕ್ಕೆ ಶನಿವಾರ ಬಾಗಿನ ಅರ್ಪಿಸಿ ಮಾತನಾಡಿದ ಅವರು, ಜಲಾಶಯದ ಸುರಕ್ಷತೆಗೆ ಸರ್ಕಾರ ಆದ್ಯತೆ ನೀಡಲಿದೆ. ಕ್ರಸ್ಟ್‌ಗೇಟ್ ದುರಸ್ತಿ ಹಾಗೂ ಆಧುನೀಕರಣ ಕಾಮಗಾರಿಗೆ ಅನುದಾನ ಮೀಸಲಿಡಲಾಗಿದೆ ಎಂದು ತಿಳಿಸಿದರು.

ಜಲಾಶಯದ ನೀರನ್ನು ನಂಬಿ ಚಿಕ್ಕಮಗಳೂರು, ಶಿವಮೊಗ್ಗ, ದಾವಣಗೆರೆ, ಚಿತ್ರದುರ್ಗ ಜಿಲ್ಲೆಯ ಲಕ್ಷಾಂತರ ರೈತರು ಬದುಕು ಕಟ್ಟಿಕೊಂಡಿದ್ದಾರೆ. ಅಚ್ಚುಕಟ್ಟು ಪ್ರದೇಶದ ಕೊನೆಯ ಭಾಗಕ್ಕೂ ನೀರು ತಲುಪುವಂತೆ ಕ್ರಮ ಕೈಗೊಳ್ಳಲಾಗುವುದು.

ಭದ್ರಾ ಮೇಲ್ದಂಡೆ ಯೋಜನೆಗೆ 2028ಕ್ಕೂ ಮೊದಲು ಕೇಂದ್ರದ ಅನುದಾನ ದೊರೆತರೆ ಕಾಮಗಾರಿ ಚುರುಕುಗೊಳ್ಳಲಿದೆ. ₹5,300 ಕೋಟಿ ಅನುದಾನ ಘೋಷಿಸಿದ್ದರೂ ಇನ್ನೂ ಬಿಡುಗಡೆಯಾಗಿಲ್ಲ. ಕೇಂದ್ರ ಸರ್ಕಾರ ಕೂಡಲೇ ಬಿಡುಗಡೆ ಮಾಡಬೇಕು ಎಂದು ಒತ್ತಾಯಿಸಿದರು.

'ಪ್ರಸಕ್ತ ವರ್ಷ ಜಲಾಶಯಕ್ಕೆ 186 ಅಡಿಗಳಷ್ಟು ನೀರು ಸಂಗ್ರಹವಾಗಿದ್ದು, 71.53 ಟಿಎಂಸಿ ಅಡಿ ನೀರಿನ ಸಾಮರ್ಥ್ಯ ಹೊಂದಿದೆ. ಕೃಷಿ ಚಟುವಟಿಕೆ ಮತ್ತು ಕುಡಿಯುವ ನೀರಿಗೆ ಯಾವುದೇ ತೊಂದರೆ ಇಲ್ಲ' ಎಂದು ಅಧಿಕಾರಿಗಳು ಮಾಹಿತಿ ನೀಡಿದರು.

ಕಾರ್ಯಕ್ರಮದಲ್ಲಿ ಸಚಿವ ಕೆ.ಜೆ.ಜಾರ್ಜ್, ಶಾಸಕ ಜಿ.ಎಚ್.ಶ್ರೀನಿವಾಸ, ಬಸವರಾಜ ಶಿವಗಂಗಾ, ತಮ್ಮಯ್ಯ, ಕೆ.ಎಸ್.ಆನಂದ, ಸಂಸದರು, ಜಿಲ್ಲಾಧಿಕಾರಿ ಮೀನಾ ನಾಗರಾಜ್, ಜಿಲ್ಲಾ ಪಂಚಾಯಿತಿ ಸಿಇಒ ಹಾಗೂ ವಿವಿಧ ಇಲಾಖೆಗಳ ಅಧಿಕಾರಿಗಳು ಪಾಲ್ಗೊಂಡಿದ್ದರು.

ಕಲ್ಪನಹಳ್ಳಿಯಲ್ಲಿ ಮೆಗಾ ಡೇರಿ ನಿರ್ಮಾಣಕ್ಕೆ ಶೀಘ್ರ ಚಾಲನೆ

ಶಿವಮೊಗ್ಗ: ದಾವಣಗೆರೆ ತಾಲ್ಲೂಕಿನ ಕಲ್ಪನಹಳ್ಳಿಯಲ್ಲಿ 14 ಎಕರೆ ಜಮೀನು ಮಂಜೂರಾಗಿದ್ದು, ಅಲ್ಲಿ ಅಂದಾಜು ₹280 ಕೋಟಿ ವೆಚ್ಚದಲ್ಲಿ ಮೆಗಾ ಡೇರಿ ನಿರ್ಮಿಸುವ ಯೋಜನೆಗೆ ಶೀಘ್ರ ಚಾಲನೆ ನೀಡಲಾಗುವುದು ಎಂದು ಶಿಮುಲ್ ಅಧ್ಯಕ್ಷ ಹೇಳಿದರು. ಇದರಿಂದ ಹೈನುಗಾರರಿಗೆ ಹೆಚ್ಚಿನ ಅನುಕೂಲವಾಗಲಿದೆ.

ಹಾಲು ಉತ್ಪಾದಕರ ಸಹಕಾರ ಸಂಘಗಳ ಸಂಖ್ಯೆ ಹೆಚ್ಚುತ್ತಿದ್ದು, ದಿನಕ್ಕೆ 5 ಲಕ್ಷ ಲೀಟರ್ ಸಂಸ್ಕರಣ ಸಾಮರ್ಥ್ಯದ ಘಟಕ ಸ್ಥಾಪನೆಯಾಗಲಿದೆ. ರೈತರಿಗೆ ಪ್ರತಿ ಲೀಟರ್‌ಗೆ ಪ್ರೋತ್ಸಾಹ ಧನ ಸಕಾಲಕ್ಕೆ ತಲುಪುವಂತೆ ಕ್ರಮ ವಹಿಸಲಾಗಿದೆ.

'ಗ್ರಾಹಕರಿಗೆ ಗುಣಮಟ್ಟದ ಹಾಲು ಹಾಗೂ ಉತ್ಪನ್ನಗಳನ್ನು ನೀಡುವುದು ನಮ್ಮ ಉದ್ದೇಶ. ಹೊಸ ಉತ್ಪನ್ನಗಳ ಮಾರುಕಟ್ಟೆ ವಿಸ್ತರಣೆಗೆ ಯೋಜನೆ ರೂಪಿಸಲಾಗಿದೆ' ಎಂದರು. ನಿರ್ದೇಶಕರು, ವ್ಯವಸ್ಥಾಪಕ ನಿರ್ದೇಶಕರು ಹಾಗೂ ಅಧಿಕಾರಿಗಳು ಉಪಸ್ಥಿತರಿದ್ದರು.
